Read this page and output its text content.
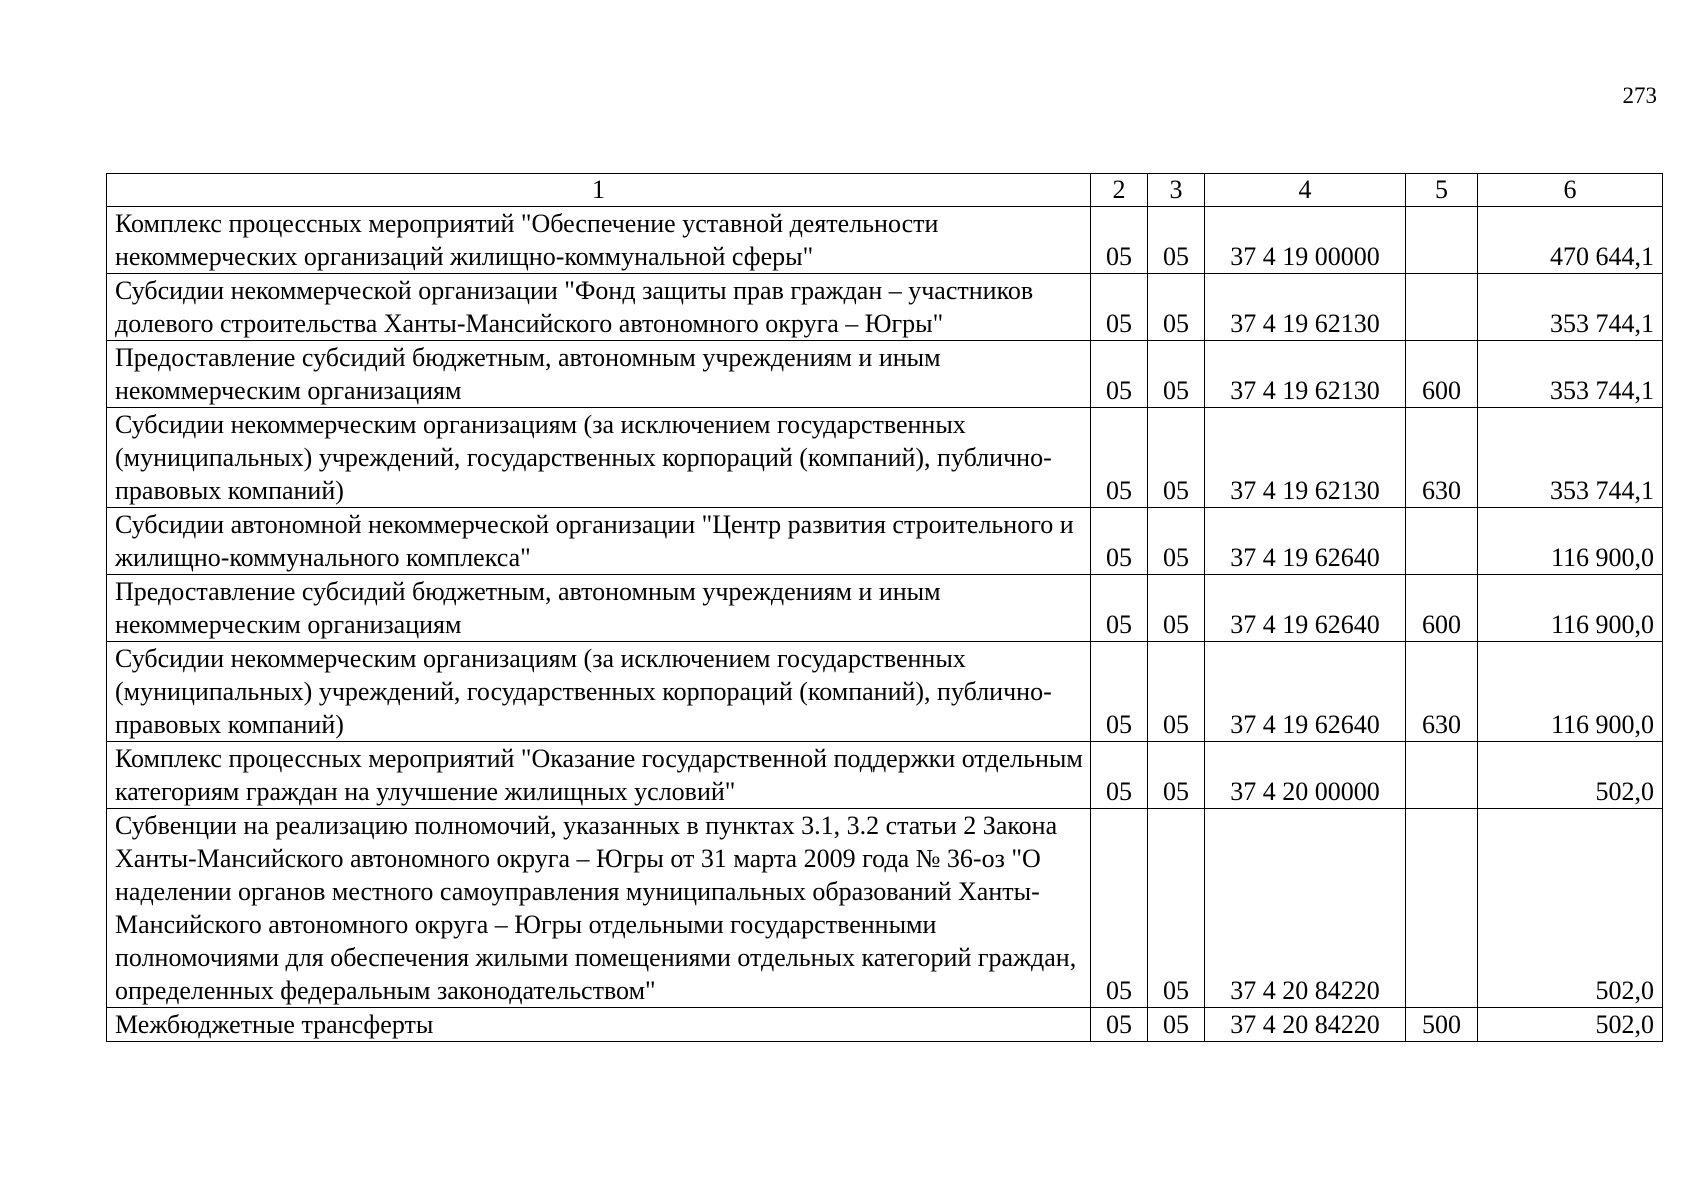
273
1	2	3	4	5	6
Комплекс процессных мероприятий "Обеспечение уставной деятельности некоммерческих организаций жилищно-коммунальной сферы"	05	05	37 4 19 00000		470 644,1
Субсидии некоммерческой организации "Фонд защиты прав граждан – участников долевого строительства Ханты-Мансийского автономного округа – Югры"	05	05	37 4 19 62130		353 744,1
Предоставление субсидий бюджетным, автономным учреждениям и иным некоммерческим организациям	05	05	37 4 19 62130	600	353 744,1
Субсидии некоммерческим организациям (за исключением государственных (муниципальных) учреждений, государственных корпораций (компаний), публично-правовых компаний)	05	05	37 4 19 62130	630	353 744,1
Субсидии автономной некоммерческой организации "Центр развития строительного и жилищно-коммунального комплекса"	05	05	37 4 19 62640		116 900,0
Предоставление субсидий бюджетным, автономным учреждениям и иным некоммерческим организациям	05	05	37 4 19 62640	600	116 900,0
Субсидии некоммерческим организациям (за исключением государственных (муниципальных) учреждений, государственных корпораций (компаний), публично-правовых компаний)	05	05	37 4 19 62640	630	116 900,0
Комплекс процессных мероприятий "Оказание государственной поддержки отдельным категориям граждан на улучшение жилищных условий"	05	05	37 4 20 00000		502,0
Субвенции на реализацию полномочий, указанных в пунктах 3.1, 3.2 статьи 2 Закона Ханты-Мансийского автономного округа – Югры от 31 марта 2009 года № 36-оз "О наделении органов местного самоуправления муниципальных образований Ханты-Мансийского автономного округа – Югры отдельными государственными полномочиями для обеспечения жилыми помещениями отдельных категорий граждан, определенных федеральным законодательством"	05	05	37 4 20 84220		502,0
Межбюджетные трансферты	05	05	37 4 20 84220	500	502,0
